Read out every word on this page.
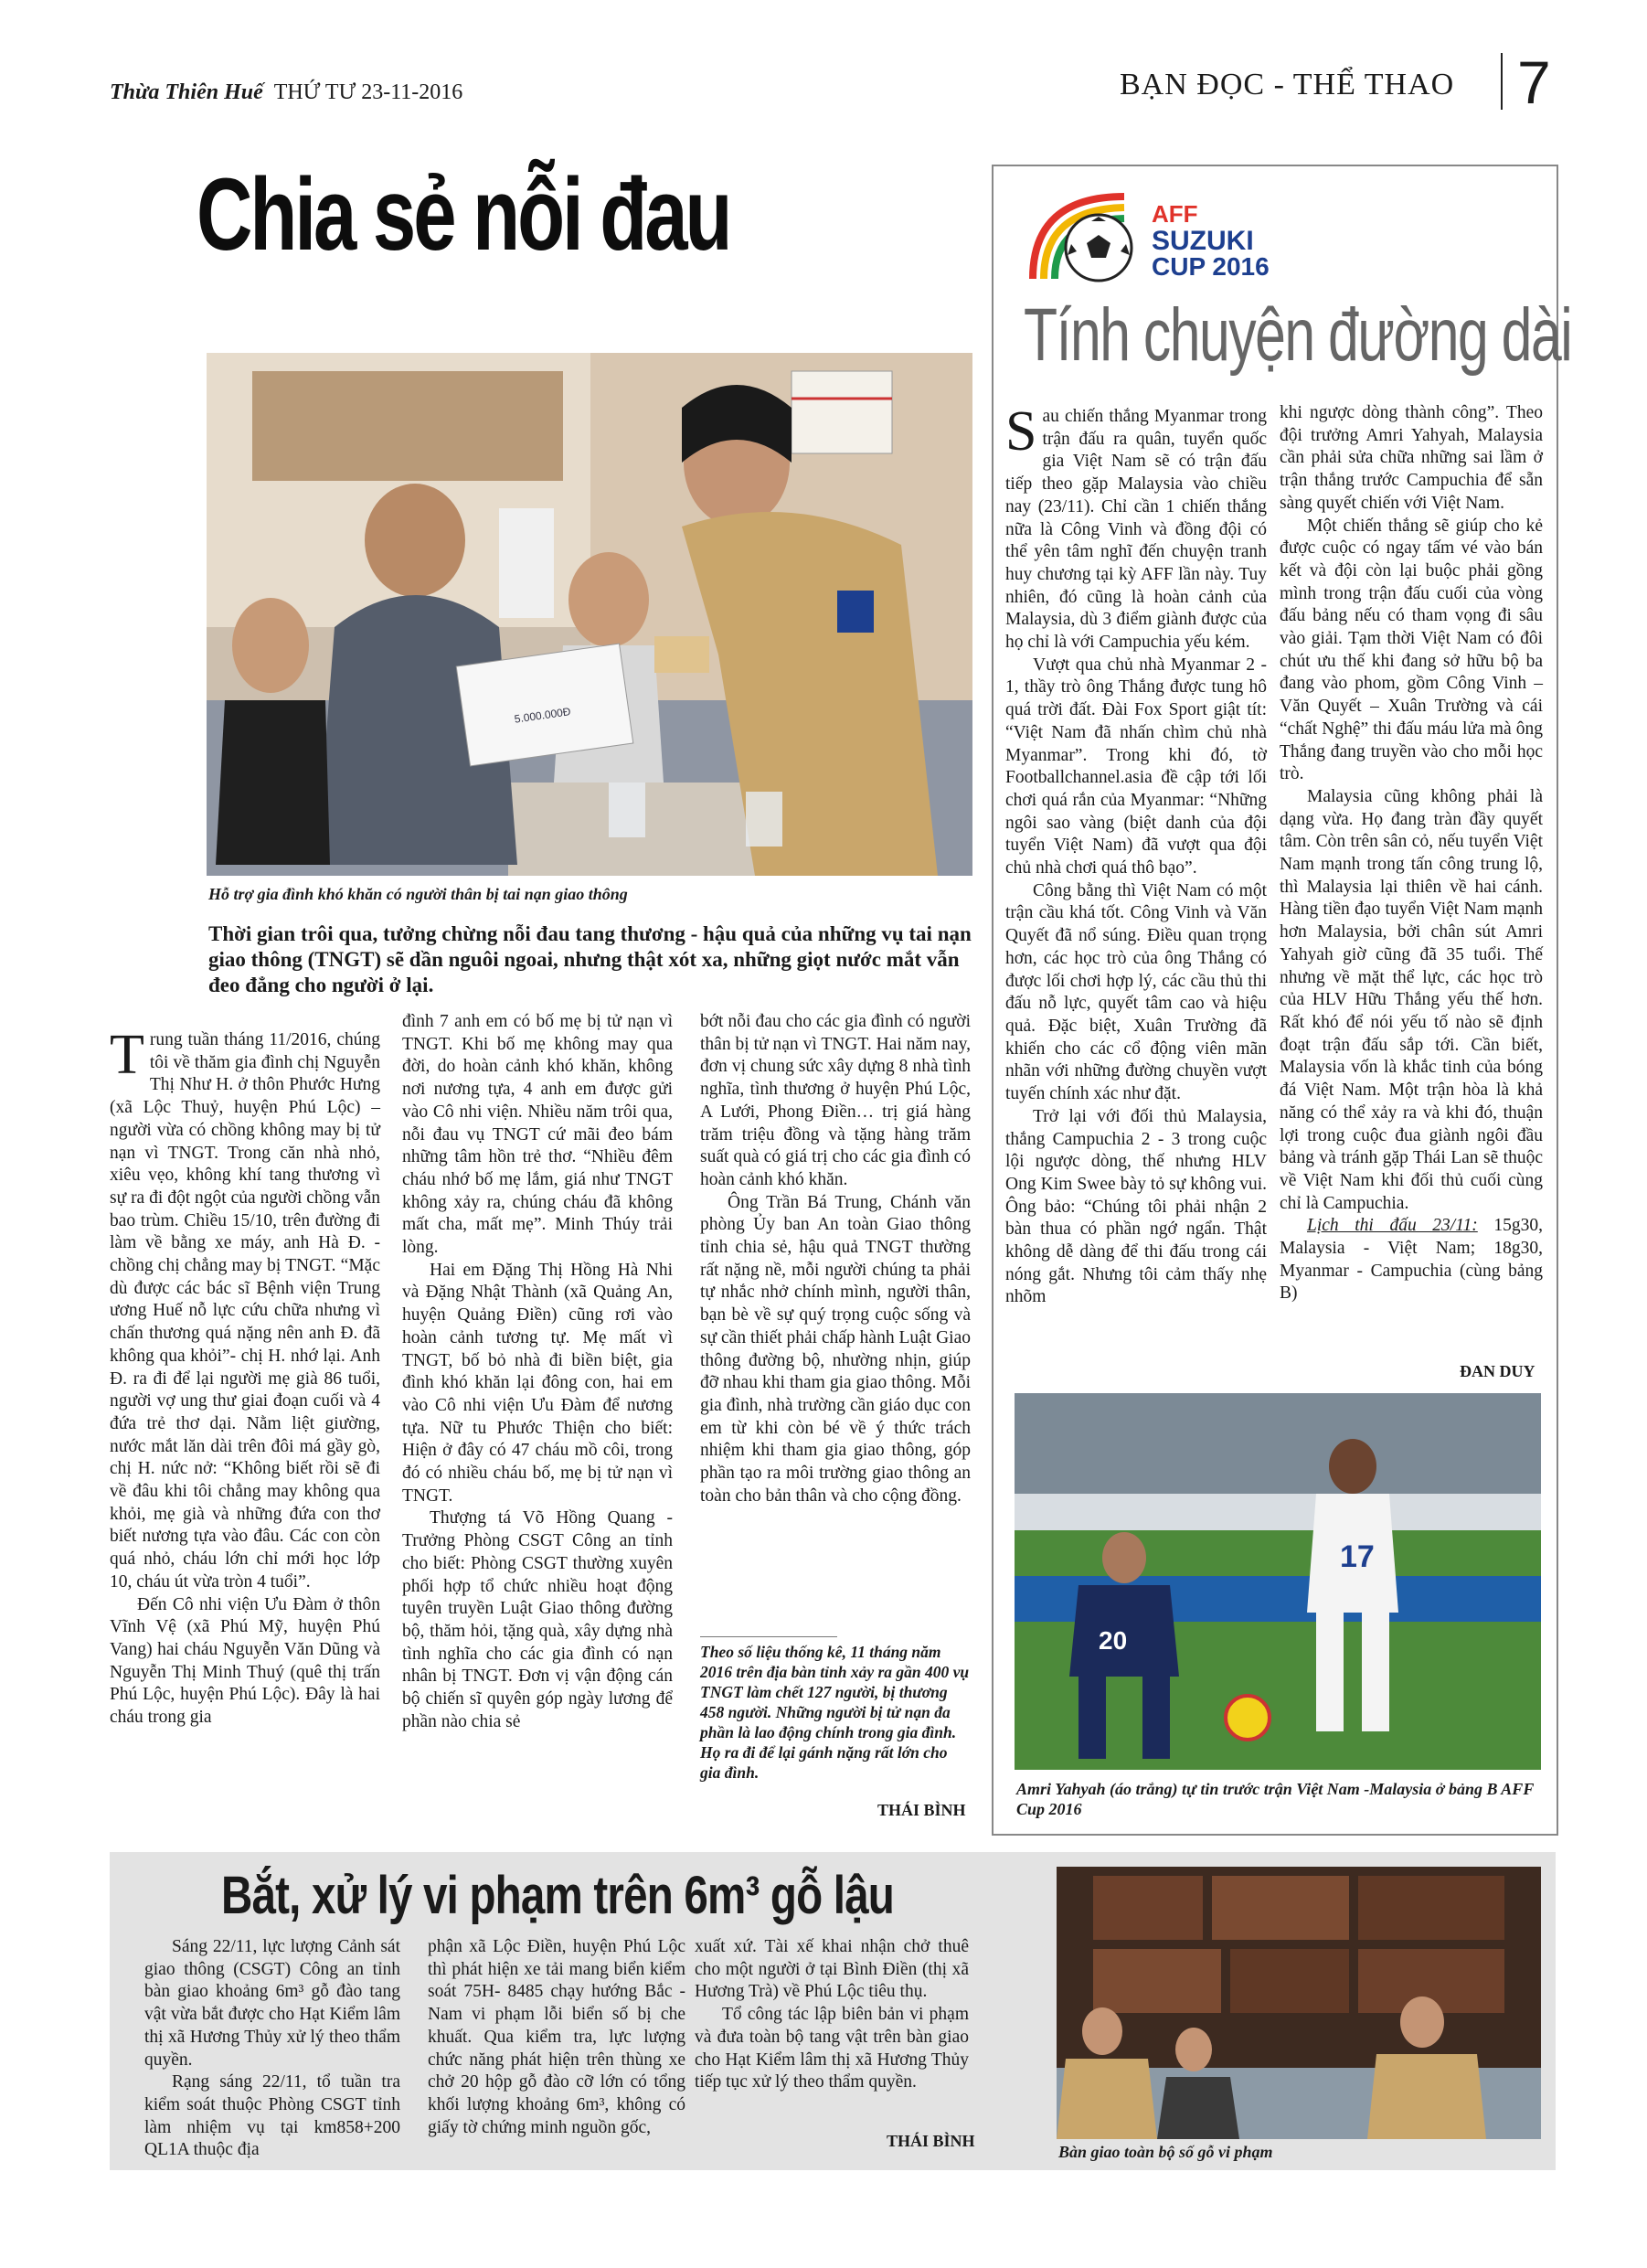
Thừa Thiên Huế THỨ TƯ 23-11-2016	BẠN ĐỌC - THỂ THAO 7
Chia sẻ nỗi đau
5.000.000Đ
Hỗ trợ gia đình khó khăn có người thân bị tai nạn giao thông
Thời gian trôi qua, tưởng chừng nỗi đau tang thương - hậu quả của những vụ tai nạn giao thông (TNGT) sẽ dần nguôi ngoai, nhưng thật xót xa, những giọt nước mắt vẫn đeo đẳng cho người ở lại.

Trung tuần tháng 11/2016, chúng tôi về thăm gia đình chị Nguyễn Thị Như H. ở thôn Phước Hưng (xã Lộc Thuỷ, huyện Phú Lộc) – người vừa có chồng không may bị tử nạn vì TNGT. Trong căn nhà nhỏ, xiêu vẹo, không khí tang thương vì sự ra đi đột ngột của người chồng vẫn bao trùm. Chiều 15/10, trên đường đi làm về bằng xe máy, anh Hà Đ. - chồng chị chẳng may bị TNGT. “Mặc dù được các bác sĩ Bệnh viện Trung ương Huế nỗ lực cứu chữa nhưng vì chấn thương quá nặng nên anh Đ. đã không qua khỏi”- chị H. nhớ lại. Anh Đ. ra đi để lại người mẹ già 86 tuổi, người vợ ung thư giai đoạn cuối và 4 đứa trẻ thơ dại. Nằm liệt giường, nước mắt lăn dài trên đôi má gầy gò, chị H. nức nở: “Không biết rồi sẽ đi về đâu khi tôi chẳng may không qua khỏi, mẹ già và những đứa con thơ biết nương tựa vào đâu. Các con còn quá nhỏ, cháu lớn chỉ mới học lớp 10, cháu út vừa tròn 4 tuổi”.

Đến Cô nhi viện Ưu Đàm ở thôn Vĩnh Vệ (xã Phú Mỹ, huyện Phú Vang) hai cháu Nguyễn Văn Dũng và Nguyễn Thị Minh Thuý (quê thị trấn Phú Lộc, huyện Phú Lộc). Đây là hai cháu trong gia

đình 7 anh em có bố mẹ bị tử nạn vì TNGT. Khi bố mẹ không may qua đời, do hoàn cảnh khó khăn, không nơi nương tựa, 4 anh em được gửi vào Cô nhi viện. Nhiều năm trôi qua, nỗi đau vụ TNGT cứ mãi đeo bám những tâm hồn trẻ thơ. “Nhiều đêm cháu nhớ bố mẹ lắm, giá như TNGT không xảy ra, chúng cháu đã không mất cha, mất mẹ”. Minh Thúy trải lòng.

Hai em Đặng Thị Hồng Hà Nhi và Đặng Nhật Thành (xã Quảng An, huyện Quảng Điền) cũng rơi vào hoàn cảnh tương tự. Mẹ mất vì TNGT, bố bỏ nhà đi biền biệt, gia đình khó khăn lại đông con, hai em vào Cô nhi viện Ưu Đàm để nương tựa. Nữ tu Phước Thiện cho biết: Hiện ở đây có 47 cháu mồ côi, trong đó có nhiều cháu bố, mẹ bị tử nạn vì TNGT.

Thượng tá Võ Hồng Quang - Trưởng Phòng CSGT Công an tỉnh cho biết: Phòng CSGT thường xuyên phối hợp tổ chức nhiều hoạt động tuyên truyền Luật Giao thông đường bộ, thăm hỏi, tặng quà, xây dựng nhà tình nghĩa cho các gia đình có nạn nhân bị TNGT. Đơn vị vận động cán bộ chiến sĩ quyên góp ngày lương để phần nào chia sẻ

bớt nỗi đau cho các gia đình có người thân bị tử nạn vì TNGT. Hai năm nay, đơn vị chung sức xây dựng 8 nhà tình nghĩa, tình thương ở huyện Phú Lộc, A Lưới, Phong Điền… trị giá hàng trăm triệu đồng và tặng hàng trăm suất quà có giá trị cho các gia đình có hoàn cảnh khó khăn.

Ông Trần Bá Trung, Chánh văn phòng Ủy ban An toàn Giao thông tỉnh chia sẻ, hậu quả TNGT thường rất nặng nề, mỗi người chúng ta phải tự nhắc nhở chính mình, người thân, bạn bè về sự quý trọng cuộc sống và sự cần thiết phải chấp hành Luật Giao thông đường bộ, nhường nhịn, giúp đỡ nhau khi tham gia giao thông. Mỗi gia đình, nhà trường cần giáo dục con em từ khi còn bé về ý thức trách nhiệm khi tham gia giao thông, góp phần tạo ra môi trường giao thông an toàn cho bản thân và cho cộng đồng.

Theo số liệu thống kê, 11 tháng năm 2016 trên địa bàn tỉnh xảy ra gần 400 vụ TNGT làm chết 127 người, bị thương 458 người. Những người bị tử nạn đa phần là lao động chính trong gia đình. Họ ra đi để lại gánh nặng rất lớn cho gia đình.
THÁI BÌNH
AFF
SUZUKI
CUP 2016
Tính chuyện đường dài

Sau chiến thắng Myanmar trong trận đấu ra quân, tuyển quốc gia Việt Nam sẽ có trận đấu tiếp theo gặp Malaysia vào chiều nay (23/11). Chỉ cần 1 chiến thắng nữa là Công Vinh và đồng đội có thể yên tâm nghĩ đến chuyện tranh huy chương tại kỳ AFF lần này. Tuy nhiên, đó cũng là hoàn cảnh của Malaysia, dù 3 điểm giành được của họ chỉ là với Campuchia yếu kém.

Vượt qua chủ nhà Myanmar 2 - 1, thầy trò ông Thắng được tung hô quá trời đất. Đài Fox Sport giật tít: “Việt Nam đã nhấn chìm chủ nhà Myanmar”. Trong khi đó, tờ Footballchannel.asia đề cập tới lối chơi quá rắn của Myanmar: “Những ngôi sao vàng (biệt danh của đội tuyển Việt Nam) đã vượt qua đội chủ nhà chơi quá thô bạo”.

Công bằng thì Việt Nam có một trận cầu khá tốt. Công Vinh và Văn Quyết đã nổ súng. Điều quan trọng hơn, các học trò của ông Thắng có được lối chơi hợp lý, các cầu thủ thi đấu nỗ lực, quyết tâm cao và hiệu quả. Đặc biệt, Xuân Trường đã khiến cho các cổ động viên mãn nhãn với những đường chuyền vượt tuyến chính xác như đặt.

Trở lại với đối thủ Malaysia, thắng Campuchia 2 - 3 trong cuộc lội ngược dòng, thế nhưng HLV Ong Kim Swee bày tỏ sự không vui. Ông bảo: “Chúng tôi phải nhận 2 bàn thua có phần ngớ ngẩn. Thật không dễ dàng để thi đấu trong cái nóng gắt. Nhưng tôi cảm thấy nhẹ nhõm

khi ngược dòng thành công”. Theo đội trưởng Amri Yahyah, Malaysia cần phải sửa chữa những sai lầm ở trận thắng trước Campuchia để sẵn sàng quyết chiến với Việt Nam.

Một chiến thắng sẽ giúp cho kẻ được cuộc có ngay tấm vé vào bán kết và đội còn lại buộc phải gồng mình trong trận đấu cuối của vòng đấu bảng nếu có tham vọng đi sâu vào giải. Tạm thời Việt Nam có đôi chút ưu thế khi đang sở hữu bộ ba đang vào phom, gồm Công Vinh – Văn Quyết – Xuân Trường và cái “chất Nghệ” thi đấu máu lửa mà ông Thắng đang truyền vào cho mỗi học trò.

Malaysia cũng không phải là dạng vừa. Họ đang tràn đầy quyết tâm. Còn trên sân cỏ, nếu tuyển Việt Nam mạnh trong tấn công trung lộ, thì Malaysia lại thiên về hai cánh. Hàng tiền đạo tuyển Việt Nam mạnh hơn Malaysia, bởi chân sút Amri Yahyah giờ cũng đã 35 tuổi. Thế nhưng về mặt thể lực, các học trò của HLV Hữu Thắng yếu thế hơn. Rất khó để nói yếu tố nào sẽ định đoạt trận đấu sắp tới. Cần biết, Malaysia vốn là khắc tinh của bóng đá Việt Nam. Một trận hòa là khả năng có thể xảy ra và khi đó, thuận lợi trong cuộc đua giành ngôi đầu bảng và tránh gặp Thái Lan sẽ thuộc về Việt Nam khi đối thủ cuối cùng chỉ là Campuchia.

Lịch thi đấu 23/11: 15g30, Malaysia - Việt Nam; 18g30, Myanmar - Campuchia (cùng bảng B)

ĐAN DUY
17
20
Amri Yahyah (áo trắng) tự tin trước trận Việt Nam -Malaysia ở bảng B AFF Cup 2016
Bắt, xử lý vi phạm trên 6m³ gỗ lậu

Sáng 22/11, lực lượng Cảnh sát giao thông (CSGT) Công an tỉnh bàn giao khoảng 6m³ gỗ đào tang vật vừa bắt được cho Hạt Kiểm lâm thị xã Hương Thủy xử lý theo thẩm quyền.

Rạng sáng 22/11, tổ tuần tra kiểm soát thuộc Phòng CSGT tỉnh làm nhiệm vụ tại km858+200 QL1A thuộc địa

phận xã Lộc Điền, huyện Phú Lộc thì phát hiện xe tải mang biển kiểm soát 75H- 8485 chạy hướng Bắc - Nam vi phạm lỗi biển số bị che khuất. Qua kiểm tra, lực lượng chức năng phát hiện trên thùng xe chở 20 hộp gỗ đào cỡ lớn có tổng khối lượng khoảng 6m³, không có giấy tờ chứng minh nguồn gốc,

xuất xứ. Tài xế khai nhận chở thuê cho một người ở tại Bình Điền (thị xã Hương Trà) về Phú Lộc tiêu thụ.

Tổ công tác lập biên bản vi phạm và đưa toàn bộ tang vật trên bàn giao cho Hạt Kiểm lâm thị xã Hương Thủy tiếp tục xử lý theo thẩm quyền.

THÁI BÌNH
Bàn giao toàn bộ số gỗ vi phạm
